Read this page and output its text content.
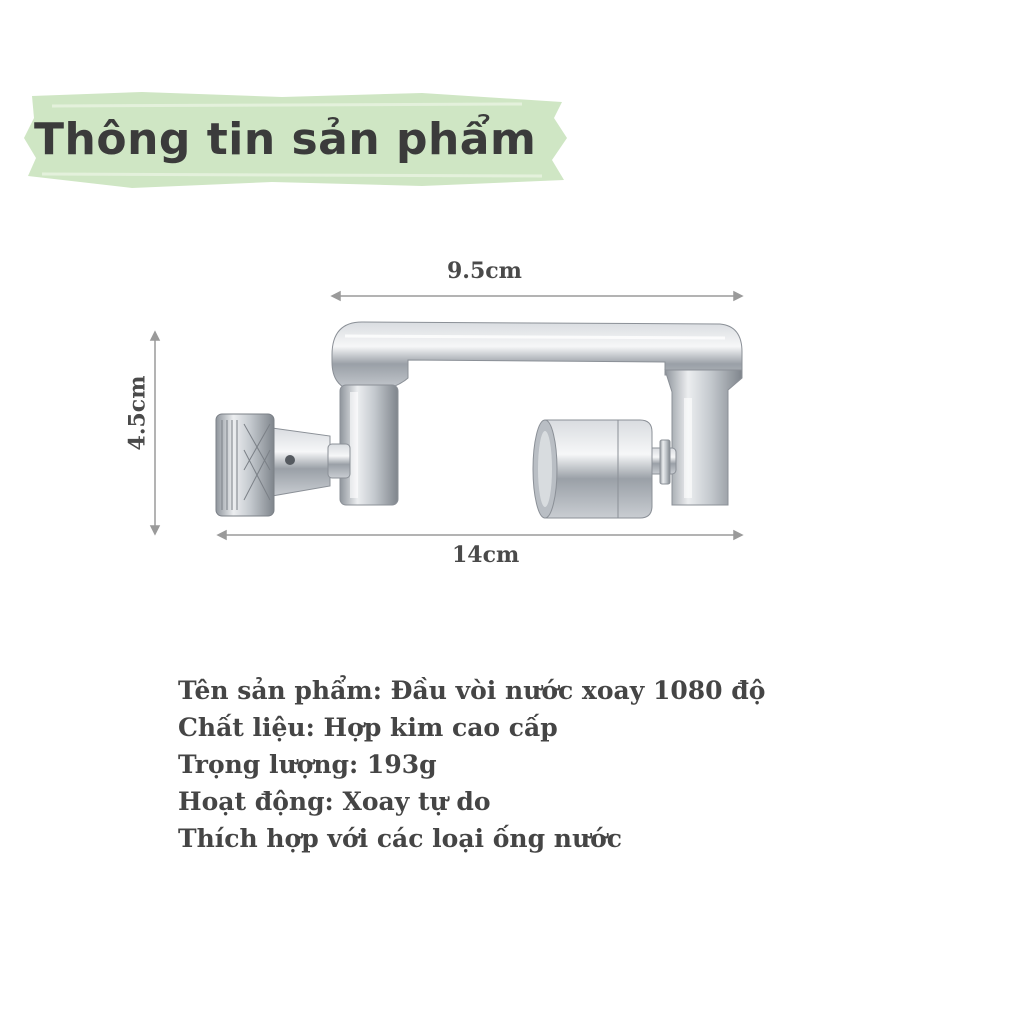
Thông tin sản phẩm
9.5cm
4.5cm
14cm
Tên sản phẩm: Đầu vòi nước xoay 1080 độ
Chất liệu: Hợp kim cao cấp
Trọng lượng: 193g
Hoạt động: Xoay tự do
Thích hợp với các loại ống nước
